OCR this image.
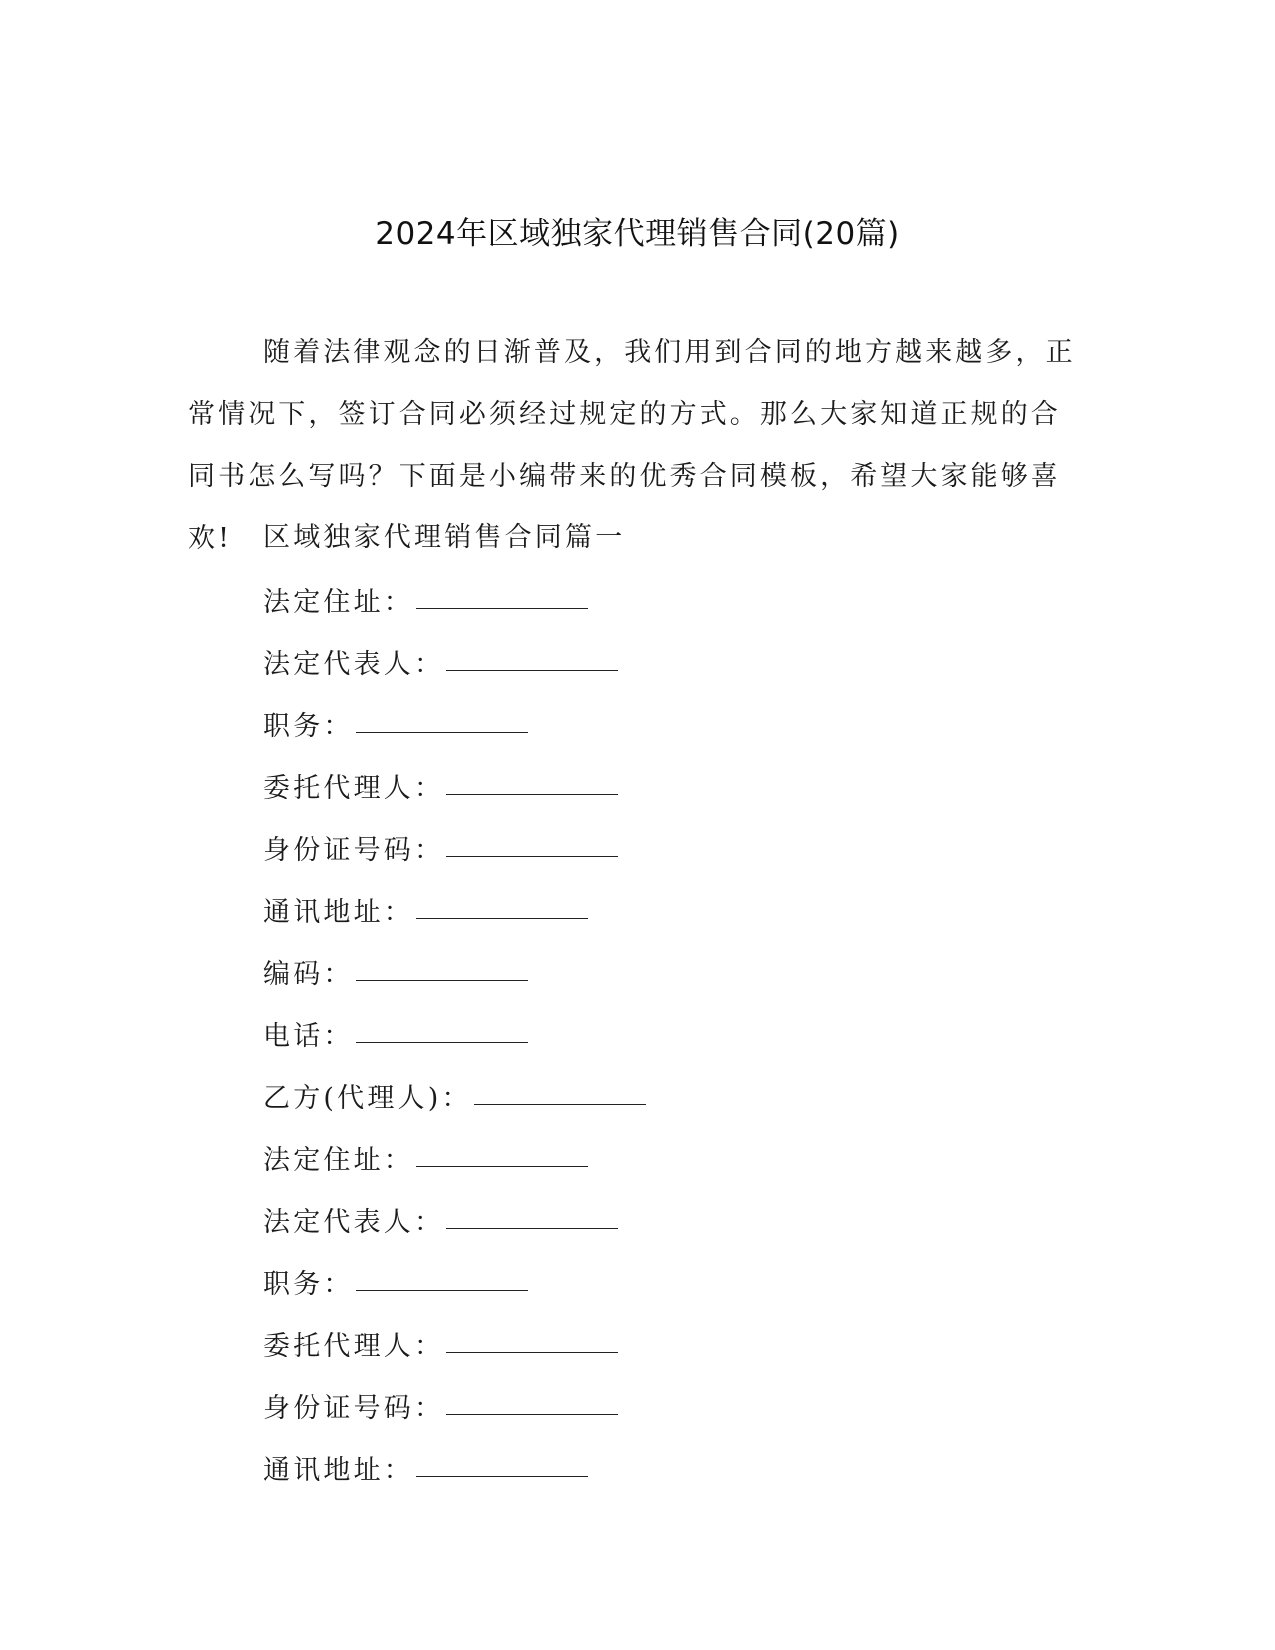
2024年区域独家代理销售合同(20篇)

随着法律观念的日渐普及，我们用到合同的地方越来越多，正常情况下，签订合同必须经过规定的方式。那么大家知道正规的合同书怎么写吗？下面是小编带来的优秀合同模板，希望大家能够喜欢!	区域独家代理销售合同篇一

法定住址：
法定代表人：
职务：
委托代理人：
身份证号码：
通讯地址：
编码：
电话：
乙方(代理人)：
法定住址：
法定代表人：
职务：
委托代理人：
身份证号码：
通讯地址：
